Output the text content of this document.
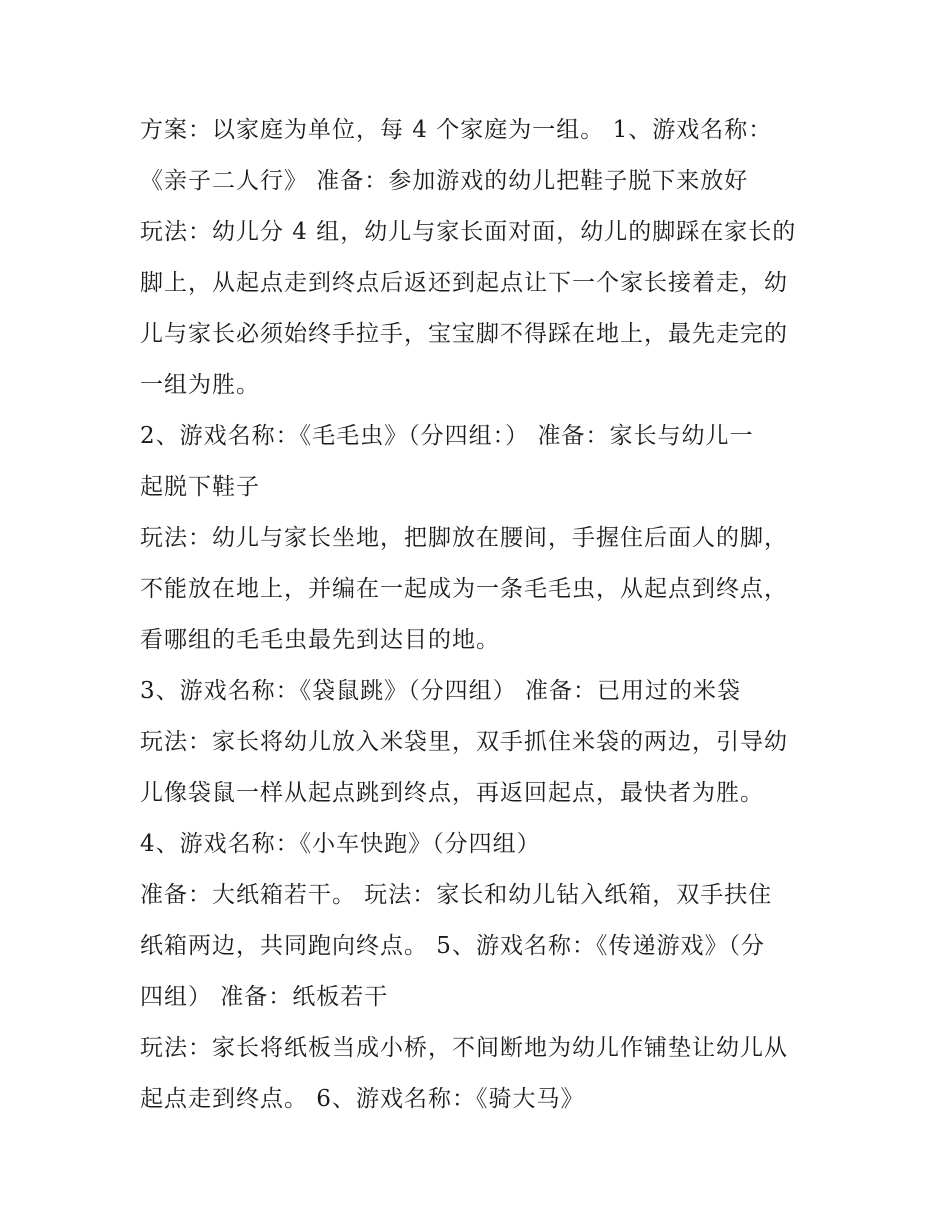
方案：以家庭为单位，每 4 个家庭为一组。 1、游戏名称：
《亲子二人行》 准备：参加游戏的幼儿把鞋子脱下来放好
玩法：幼儿分 4 组，幼儿与家长面对面，幼儿的脚踩在家长的
脚上，从起点走到终点后返还到起点让下一个家长接着走，幼
儿与家长必须始终手拉手，宝宝脚不得踩在地上，最先走完的
一组为胜。
2、游戏名称：《毛毛虫》（分四组：） 准备：家长与幼儿一
起脱下鞋子
玩法：幼儿与家长坐地，把脚放在腰间，手握住后面人的脚，
不能放在地上，并编在一起成为一条毛毛虫，从起点到终点，
看哪组的毛毛虫最先到达目的地。
3、游戏名称：《袋鼠跳》（分四组） 准备：已用过的米袋
玩法：家长将幼儿放入米袋里，双手抓住米袋的两边，引导幼
儿像袋鼠一样从起点跳到终点，再返回起点，最快者为胜。
4、游戏名称：《小车快跑》（分四组）
准备：大纸箱若干。 玩法：家长和幼儿钻入纸箱，双手扶住
纸箱两边，共同跑向终点。 5、游戏名称：《传递游戏》（分
四组） 准备：纸板若干
玩法：家长将纸板当成小桥，不间断地为幼儿作铺垫让幼儿从
起点走到终点。 6、游戏名称：《骑大马》
